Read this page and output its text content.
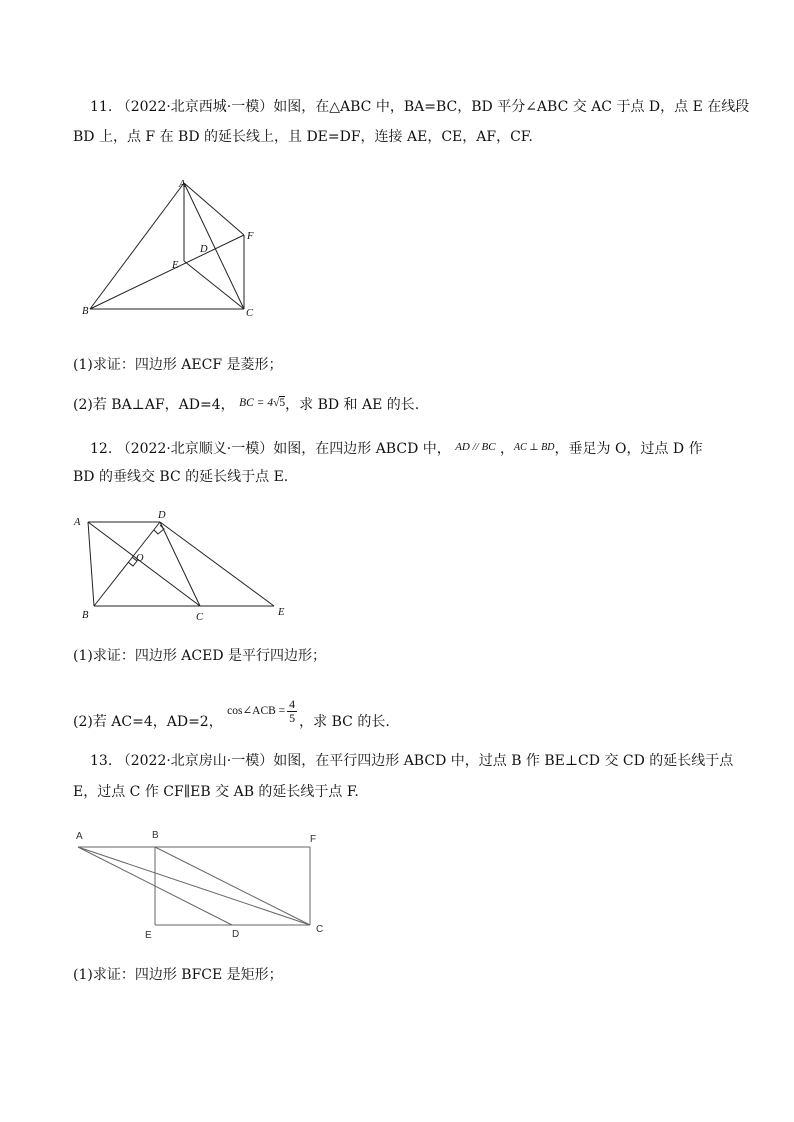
11. （2022·北京西城·一模）如图，在△ABC 中，BA=BC，BD 平分∠ABC 交 AC 于点 D，点 E 在线段
BD 上，点 F 在 BD 的延长线上，且 DE=DF，连接 AE，CE，AF，CF.
A
B	C
D
E
F
(1)求证：四边形 AECF 是菱形；
(2)若 BA⊥AF，AD=4， $^{BC = 4√5}$，求 BD 和 AE 的长.
12. （2022·北京顺义·一模）如图，在四边形 ABCD 中， $^{AD // BC}$ ，$^{AC \perp BD}$，垂足为 O，过点 D 作
BD 的垂线交 BC 的延长线于点 E.
A
B	C
D
E
O
(1)求证：四边形 ACED 是平行四边形；
(2)若 AC=4，AD=2， cos∠ACB = $\frac{4}{5}$ ，求 BC 的长.
13. （2022·北京房山·一模）如图，在平行四边形 ABCD 中，过点 B 作 BE⊥CD 交 CD 的延长线于点
E，过点 C 作 CF∥EB 交 AB 的延长线于点 F.
A	B
C
D
E
F
(1)求证：四边形 BFCE 是矩形；
